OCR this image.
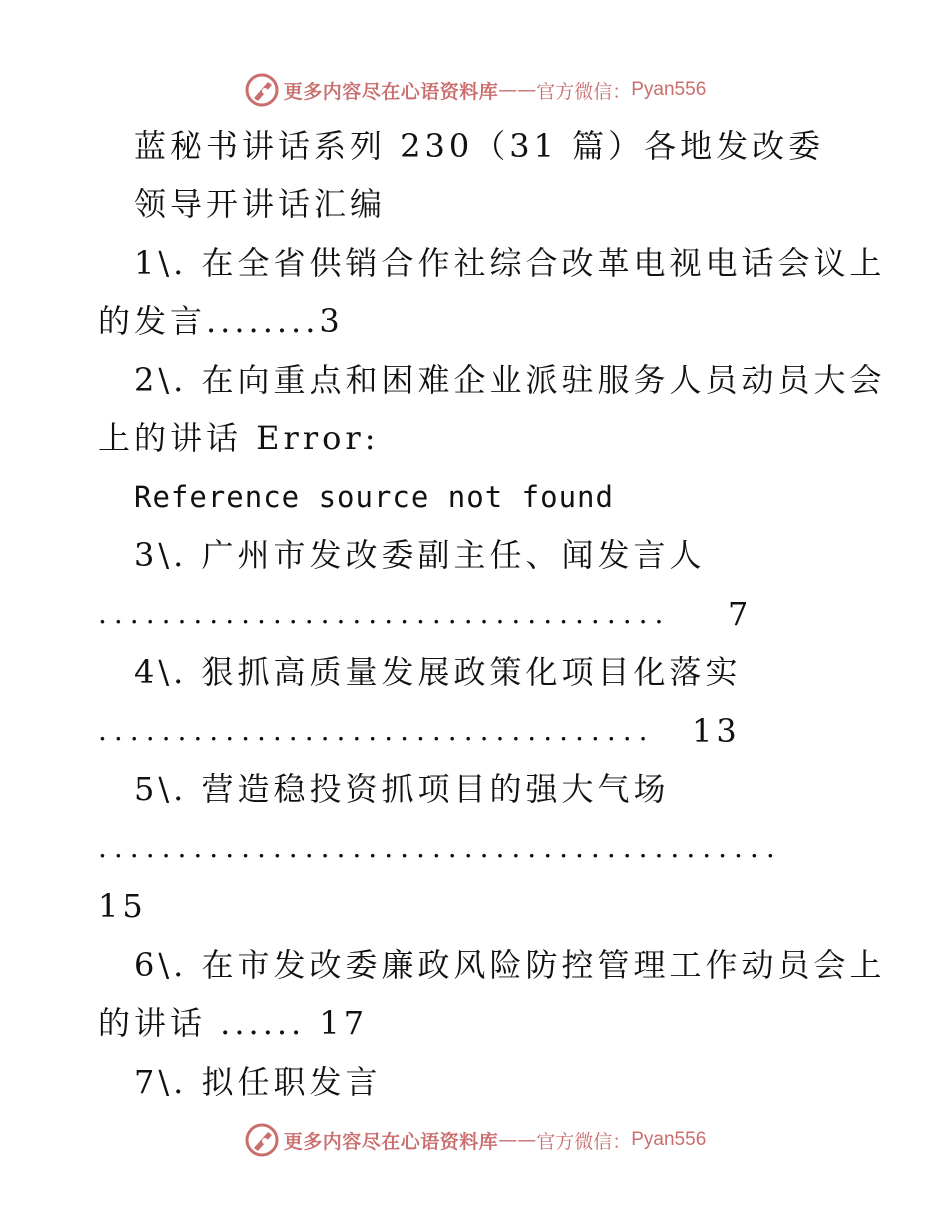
更多内容尽在心语资料库 —— 官方微信： Pyan556
蓝秘书讲话系列 230（31 篇）各地发改委
领导开讲话汇编
1\. 在全省供销合作社综合改革电视电话会议上
的发言........3
2\. 在向重点和困难企业派驻服务人员动员大会
上的讲话 Error:
Reference source not found
3\. 广州市发改委副主任、闻发言人
.................................... 7
4\. 狠抓高质量发展政策化项目化落实
................................... 13
5\. 营造稳投资抓项目的强大气场
...........................................
15
6\. 在市发改委廉政风险防控管理工作动员会上
的讲话 ...... 17
7\. 拟任职发言
更多内容尽在心语资料库 —— 官方微信： Pyan556
